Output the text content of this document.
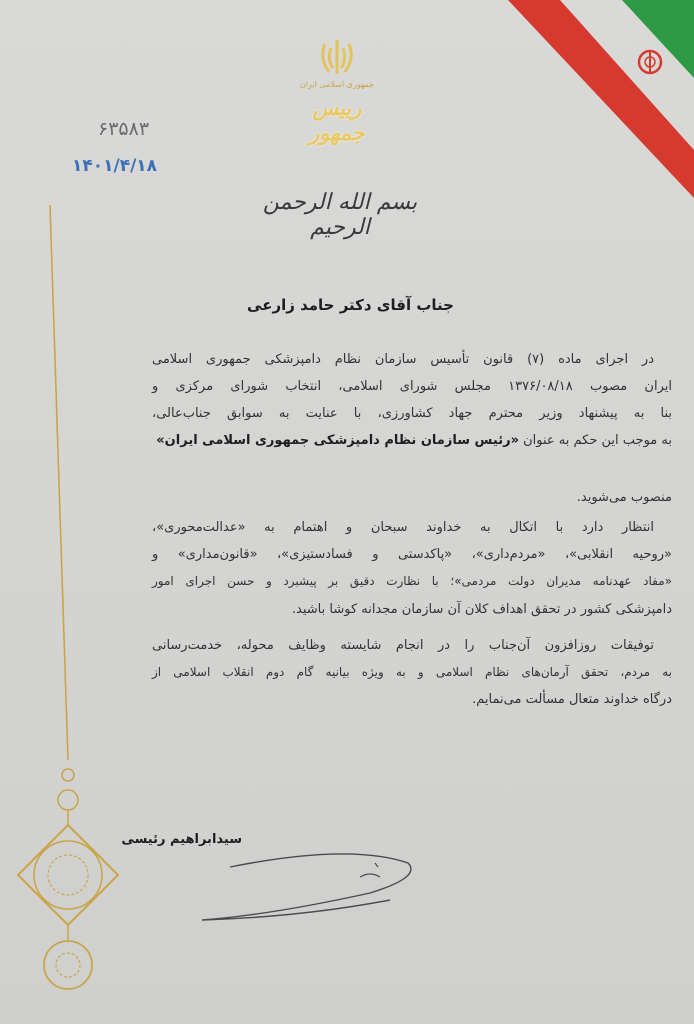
جمهوری اسلامی ایران
رییس جمهور
۶۳۵۸۳
۱۴۰۱/۴/۱۸
بسم الله الرحمن الرحیم
جناب آقای دکتر حامد زارعی
در اجرای ماده (۷) قانون تأسیس سازمان نظام دامپزشکی جمهوری اسلامی
ایران مصوب ۱۳۷۶/۰۸/۱۸ مجلس شورای اسلامی، انتخاب شورای مرکزی و
بنا به پیشنهاد وزیر محترم جهاد کشاورزی، با عنایت به سوابق جناب‌عالی،
به موجب این حکم به عنوان «رئیس سازمان نظام دامپزشکی جمهوری اسلامی ایران»
منصوب می‌شوید.
انتظار دارد با اتکال به خداوند سبحان و اهتمام به «عدالت‌محوری»،
«روحیه انقلابی»، «مردم‌داری»، «پاکدستی و فسادستیزی»، «قانون‌مداری» و
«مفاد عهدنامه مدیران دولت مردمی»؛ با نظارت دقیق بر پیشبرد و حسن اجرای امور
دامپزشکی کشور در تحقق اهداف کلان آن سازمان مجدانه کوشا باشید.
توفیقات روزافزون آن‌جناب را در انجام شایسته وظایف محوله، خدمت‌رسانی
به مردم، تحقق آرمان‌های نظام اسلامی و به ویژه بیانیه گام دوم انقلاب اسلامی از
درگاه خداوند متعال مسألت می‌نمایم.
سیدابراهیم رئیسی
